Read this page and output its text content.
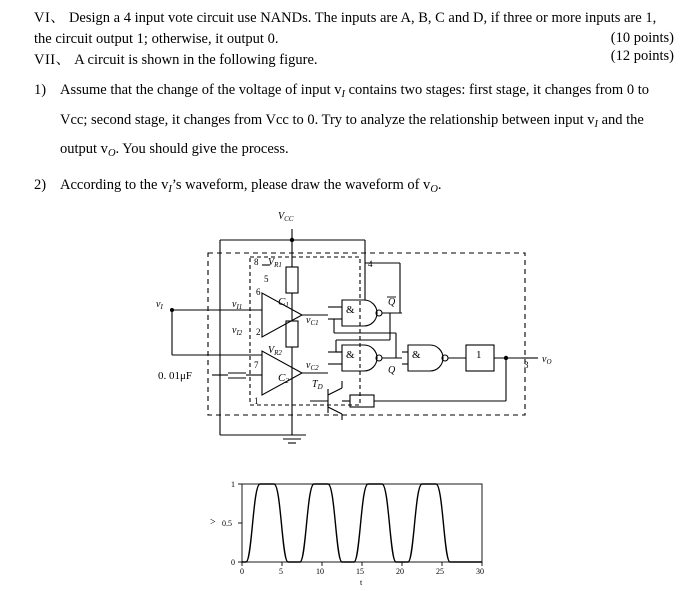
VI、 Design a 4 input vote circuit use NANDs. The inputs are A, B, C and D, if three or more inputs are 1, the circuit output 1; otherwise, it output 0.	(10 points)
VII、 A circuit is shown in the following figure.	(12 points)
1) Assume that the change of the voltage of input $v_I$ contains two stages: first stage, it changes from 0 to Vcc; second stage, it changes from Vcc to 0. Try to analyze the relationship between input $v_I$ and the output $v_O$. You should give the process.
2) According to the $v_I’s$ waveform, please draw the waveform of $v_O$.
$V_{CC}$
$v_I$
$v_O$
$V_{R1}$
$V_{R2}$
$v_{I1}$
$v_{I2}$
$v_{C1}$
$v_{C2}$
C1
C2 $T_D$
0. 01μF
&
&	&	1
Q
Q
8
5
6
2
7
1
4
3
1
0.5
0
0	5	10	15	20	25	30
t
>
